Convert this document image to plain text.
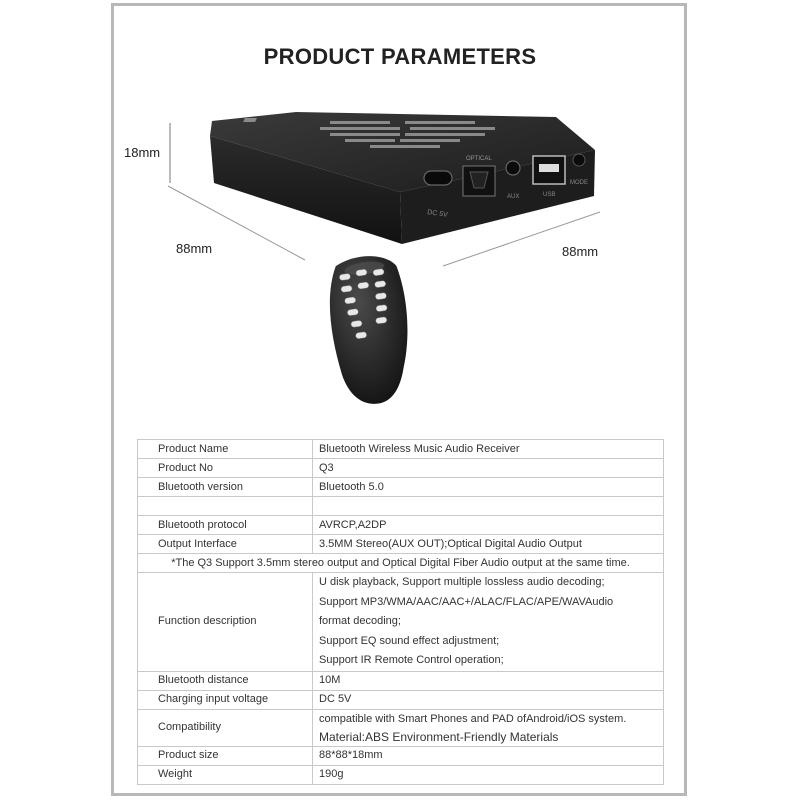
PRODUCT PARAMETERS
DC 5V
OPTICAL
AUX	USB
MODE
18mm
88mm	88mm
Product Name	Bluetooth Wireless Music Audio Receiver
Product No	Q3
Bluetooth version	Bluetooth 5.0

Bluetooth protocol	AVRCP,A2DP
Output Interface	3.5MM Stereo(AUX OUT);Optical Digital Audio Output
*The Q3 Support 3.5mm stereo output and Optical Digital Fiber Audio output at the same time.	
Function description	U disk playback, Support multiple lossless audio decoding;
Support MP3/WMA/AAC/AAC+/ALAC/FLAC/APE/WAVAudio
format decoding;
Support EQ sound effect adjustment;
Support IR Remote Control operation;

Bluetooth distance	10M
Charging input voltage	DC 5V
Compatibility	compatible with Smart Phones and PAD ofAndroid/iOS system.
Material:ABS Environment-Friendly Materials

Product size	88*88*18mm
Weight	190g
